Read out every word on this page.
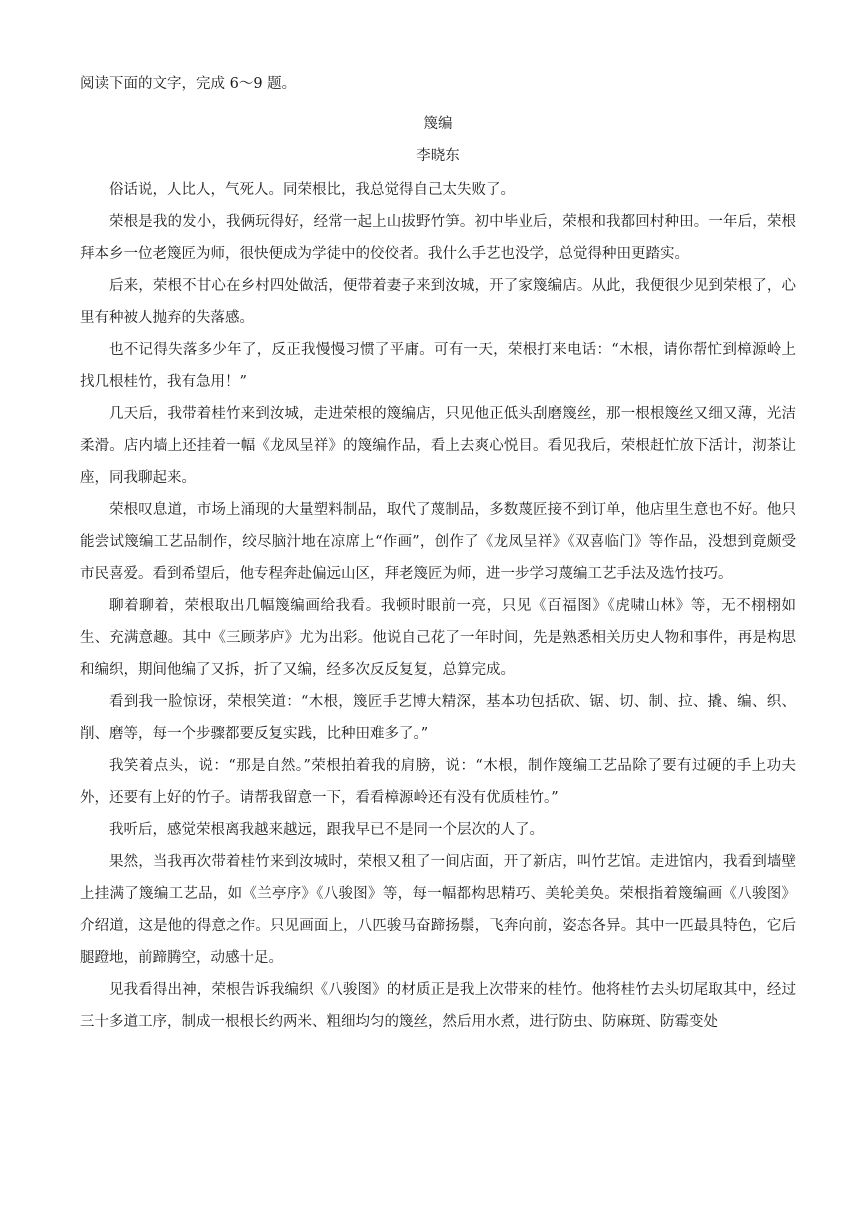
阅读下面的文字，完成 6～9 题。

篾编

李晓东

俗话说，人比人，气死人。同荣根比，我总觉得自己太失败了。

荣根是我的发小，我俩玩得好，经常一起上山拔野竹笋。初中毕业后，荣根和我都回村种田。一年后，荣根拜本乡一位老篾匠为师，很快便成为学徒中的佼佼者。我什么手艺也没学，总觉得种田更踏实。

后来，荣根不甘心在乡村四处做活，便带着妻子来到汝城，开了家篾编店。从此，我便很少见到荣根了，心里有种被人抛弃的失落感。

也不记得失落多少年了，反正我慢慢习惯了平庸。可有一天，荣根打来电话：“木根，请你帮忙到樟源岭上找几根桂竹，我有急用！”

几天后，我带着桂竹来到汝城，走进荣根的篾编店，只见他正低头刮磨篾丝，那一根根篾丝又细又薄，光洁柔滑。店内墙上还挂着一幅《龙凤呈祥》的篾编作品，看上去爽心悦目。看见我后，荣根赶忙放下活计，沏茶让座，同我聊起来。

荣根叹息道，市场上涌现的大量塑料制品，取代了蔑制品，多数蔑匠接不到订单，他店里生意也不好。他只能尝试篾编工艺品制作，绞尽脑汁地在凉席上“作画”，创作了《龙凤呈祥》《双喜临门》等作品，没想到竟颇受市民喜爱。看到希望后，他专程奔赴偏远山区，拜老篾匠为师，进一步学习蔑编工艺手法及选竹技巧。

聊着聊着，荣根取出几幅篾编画给我看。我顿时眼前一亮，只见《百福图》《虎啸山林》等，无不栩栩如生、充满意趣。其中《三顾茅庐》尤为出彩。他说自己花了一年时间，先是熟悉相关历史人物和事件，再是构思和编织，期间他编了又拆，折了又编，经多次反反复复，总算完成。

看到我一脸惊讶，荣根笑道：“木根，篾匠手艺博大精深，基本功包括砍、锯、切、制、拉、撬、编、织、削、磨等，每一个步骤都要反复实践，比种田难多了。”

我笑着点头，说：“那是自然。”荣根拍着我的肩膀，说：“木根，制作篾编工艺品除了要有过硬的手上功夫外，还要有上好的竹子。请帮我留意一下，看看樟源岭还有没有优质桂竹。”

我听后，感觉荣根离我越来越远，跟我早已不是同一个层次的人了。

果然，当我再次带着桂竹来到汝城时，荣根又租了一间店面，开了新店，叫竹艺馆。走进馆内，我看到墙壁上挂满了篾编工艺品，如《兰亭序》《八骏图》等，每一幅都构思精巧、美轮美奂。荣根指着篾编画《八骏图》介绍道，这是他的得意之作。只见画面上，八匹骏马奋蹄扬鬃，飞奔向前，姿态各异。其中一匹最具特色，它后腿蹬地，前蹄腾空，动感十足。

见我看得出神，荣根告诉我编织《八骏图》的材质正是我上次带来的桂竹。他将桂竹去头切尾取其中，经过三十多道工序，制成一根根长约两米、粗细均匀的篾丝，然后用水煮，进行防虫、防麻斑、防霉变处
